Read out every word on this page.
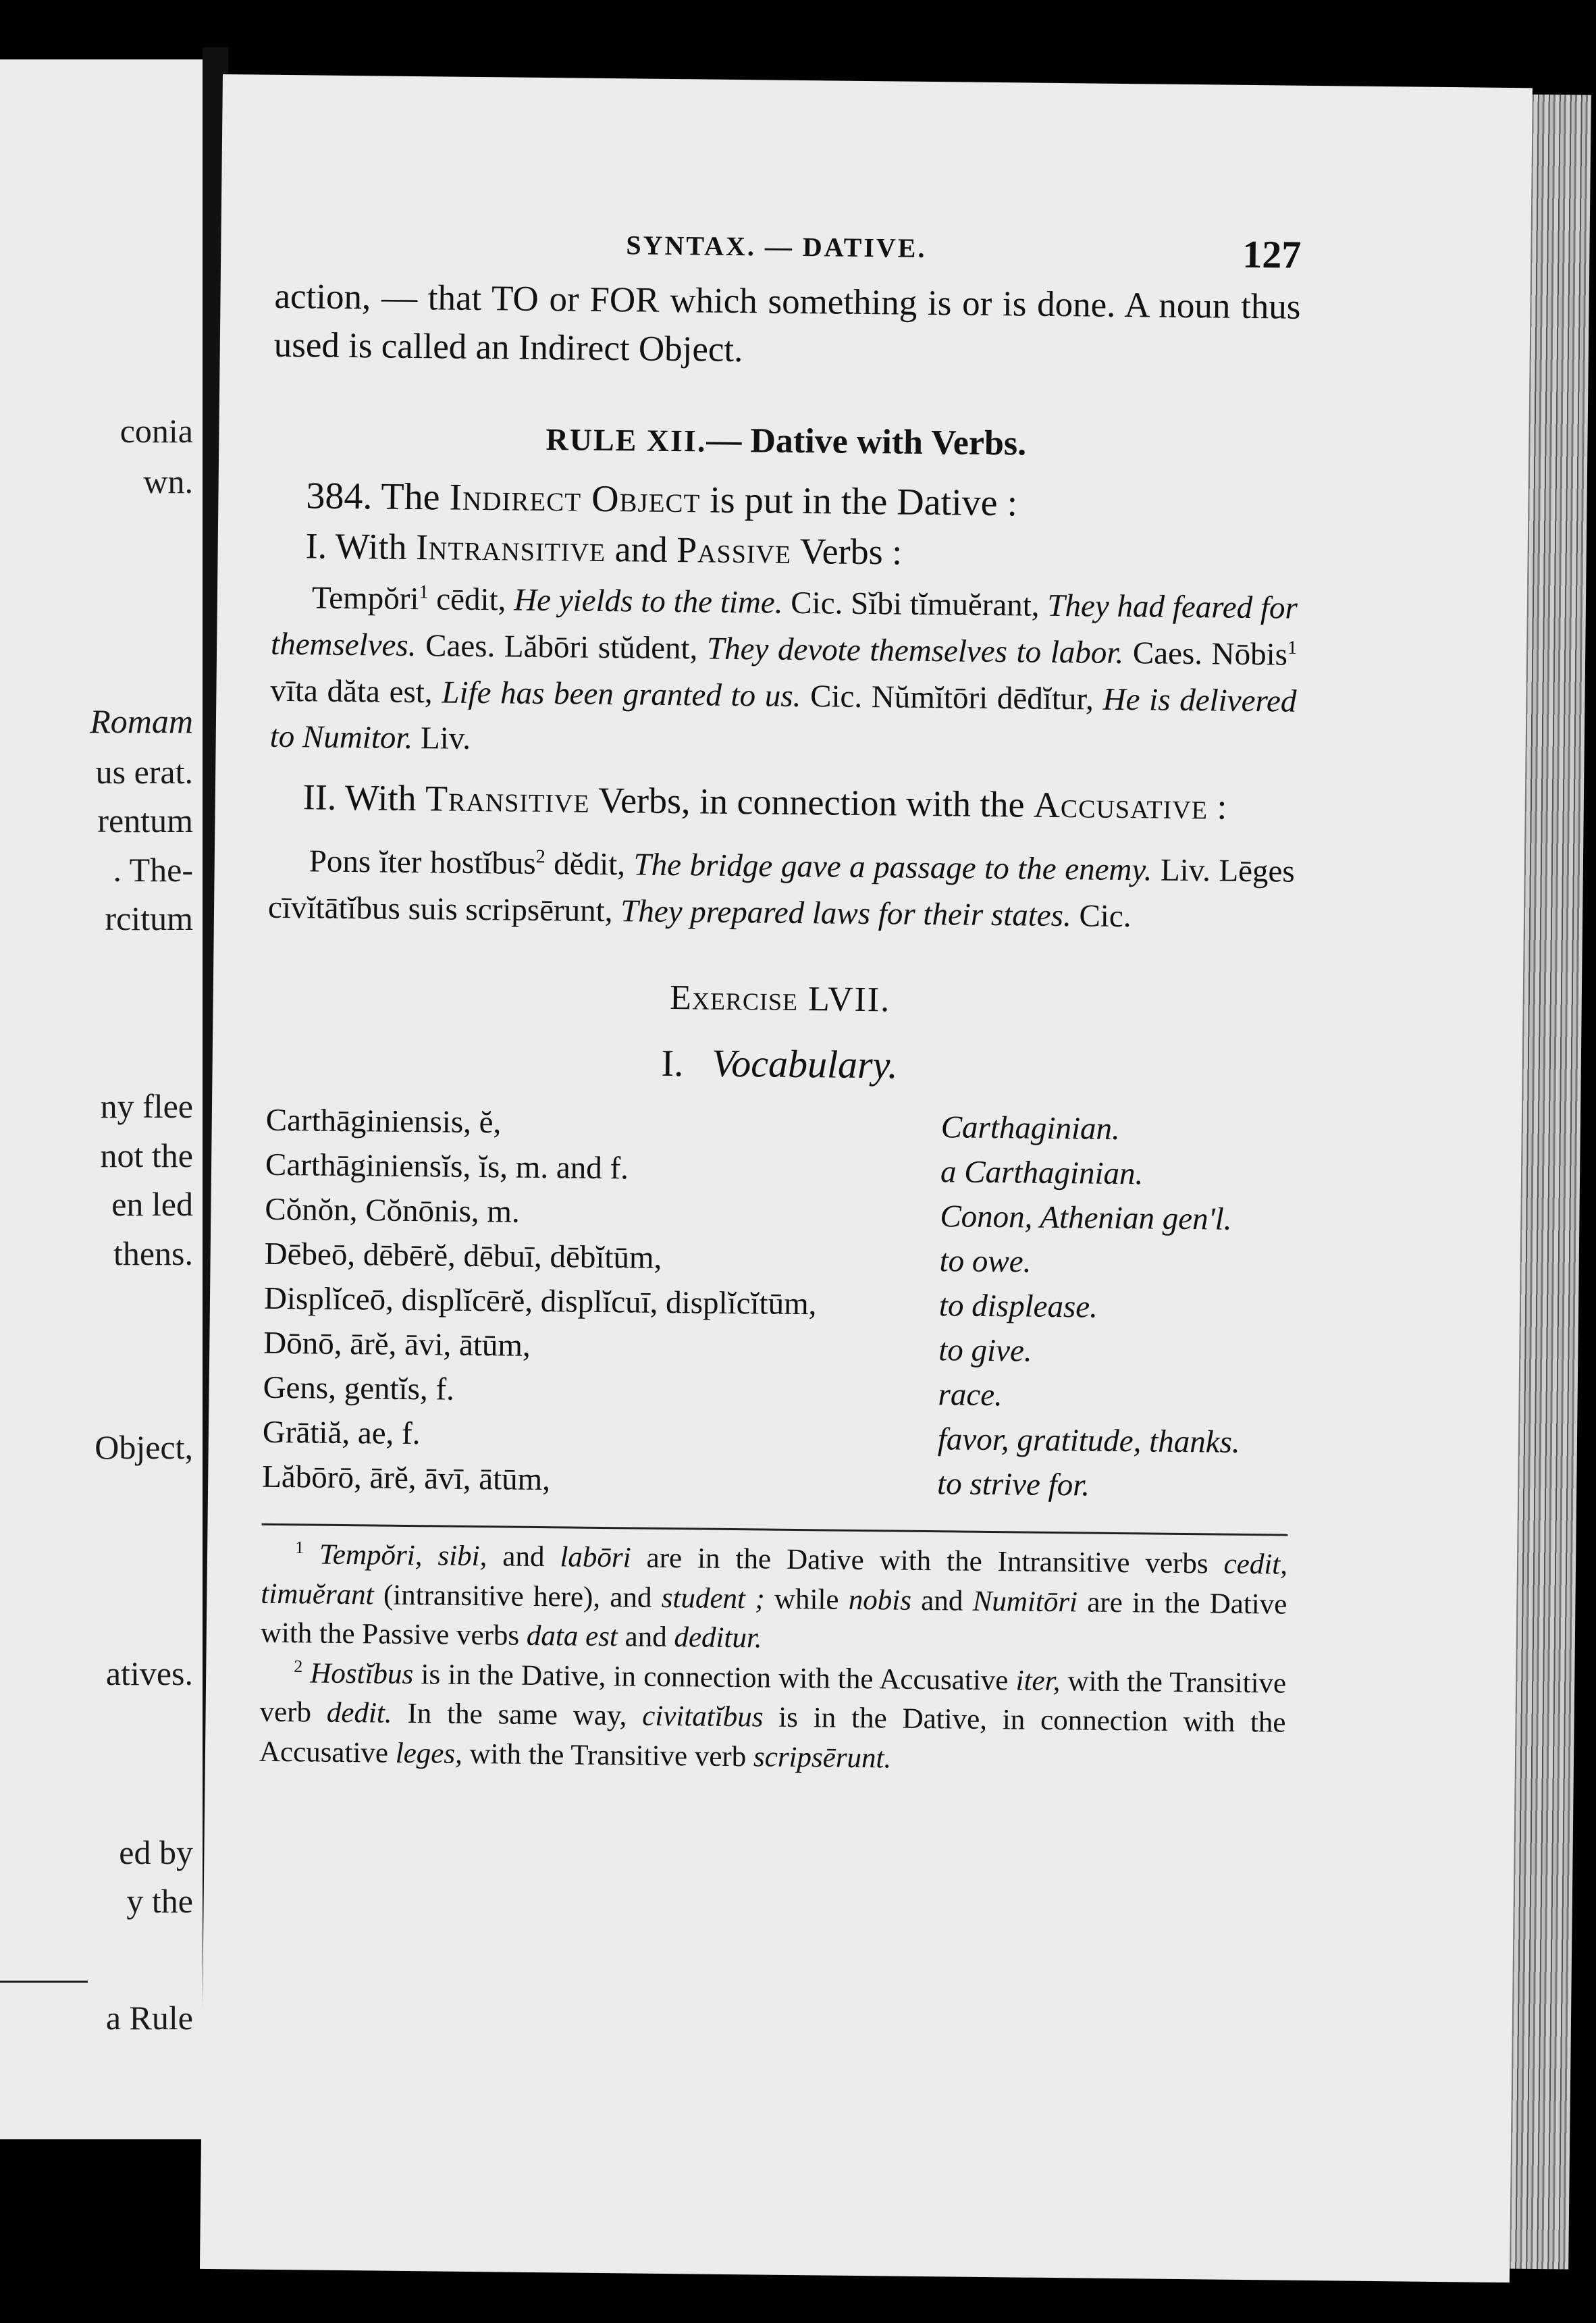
conia
wn.
Romam
us erat.
rentum
. The-
rcitum
ny flee
not the
en led
thens.
Object,
atives.
ed by
y the
a Rule
SYNTAX. — DATIVE.	127

action, — that TO or FOR which something is or is done. A noun thus used is called an Indirect Object.

RULE XII.— Dative with Verbs.

384. The Indirect Object is put in the Dative :

I. With Intransitive and Passive Verbs :

Tempŏri$^1$ cēdit, He yields to the time. Cic. Sĭbi tĭmuĕrant, They had feared for themselves. Caes. Lăbōri stŭdent, They devote themselves to labor. Caes. Nōbis$^1$ vīta dăta est, Life has been granted to us. Cic. Nŭmĭtōri dēdĭtur, He is delivered to Numitor. Liv.

II. With Transitive Verbs, in connection with the Accusative :

Pons ĭter hostĭbus$^2$ dĕdit, The bridge gave a passage to the enemy. Liv. Lēges cīvĭtātĭbus suis scripsērunt, They prepared laws for their states. Cic.

Exercise LVII.
I. Vocabulary.
Carthāginiensis, ĕ,	Carthaginian.
Carthāginiensĭs, ĭs, m. and f.	a Carthaginian.
Cŏnŏn, Cŏnōnis, m.	Conon, Athenian gen'l.
Dēbeō, dēbērĕ, dēbuī, dēbĭtūm,	to owe.
Displĭceō, displĭcērĕ, displĭcuī, displĭcĭtūm,	to displease.
Dōnō, ārĕ, āvi, ātūm,	to give.
Gens, gentĭs, f.	race.
Grātiă, ae, f.	favor, gratitude, thanks.
Lăbōrō, ārĕ, āvī, ātūm,	to strive for.

$^1$ Tempŏri, sibi, and labōri are in the Dative with the Intransitive verbs cedit, timuĕrant (intransitive here), and student ; while nobis and Numitōri are in the Dative with the Passive verbs data est and deditur.

$^2$ Hostĭbus is in the Dative, in connection with the Accusative iter, with the Transitive verb dedit. In the same way, civitatĭbus is in the Dative, in connection with the Accusative leges, with the Transitive verb scripsērunt.
